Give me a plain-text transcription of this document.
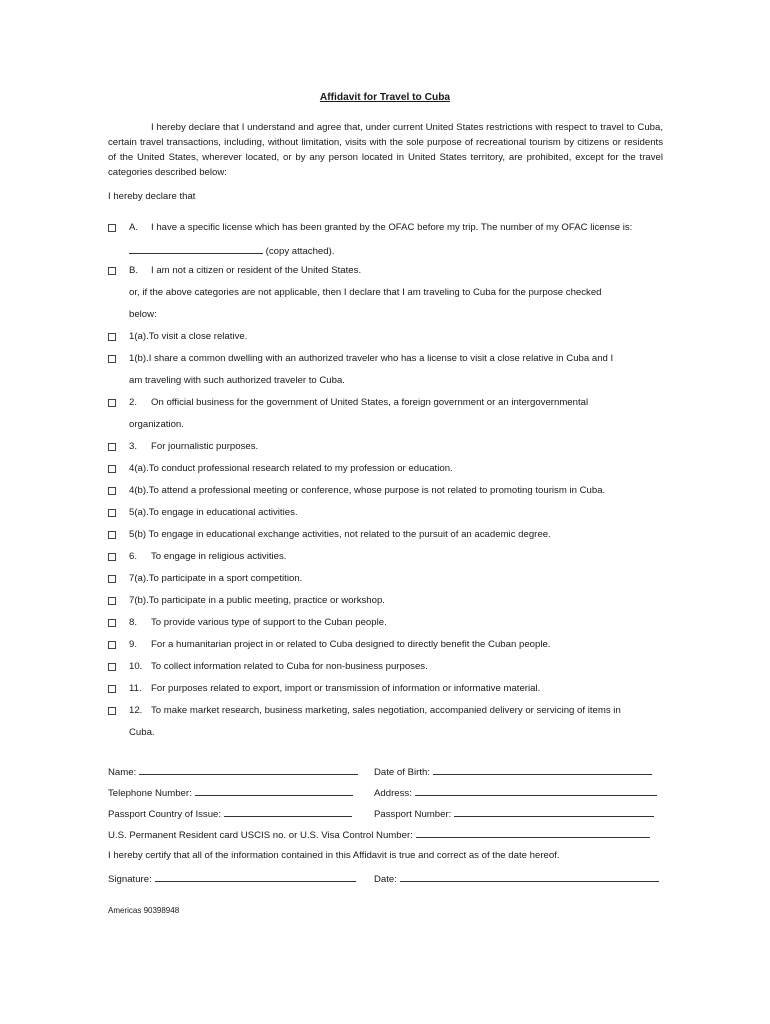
Affidavit for Travel to Cuba
I hereby declare that I understand and agree that, under current United States restrictions with respect to travel to Cuba, certain travel transactions, including, without limitation, visits with the sole purpose of recreational tourism by citizens or residents of the United States, wherever located, or by any person located in United States territory, are prohibited, except for the travel categories described below:
I hereby declare that
A. I have a specific license which has been granted by the OFAC before my trip. The number of my OFAC license is:
(copy attached).
B. I am not a citizen or resident of the United States.
or, if the above categories are not applicable, then I declare that I am traveling to Cuba for the purpose checked
below:
1(a).To visit a close relative.
1(b).I share a common dwelling with an authorized traveler who has a license to visit a close relative in Cuba and I
am traveling with such authorized traveler to Cuba.
2. On official business for the government of United States, a foreign government or an intergovernmental
organization.
3. For journalistic purposes.
4(a).To conduct professional research related to my profession or education.
4(b).To attend a professional meeting or conference, whose purpose is not related to promoting tourism in Cuba.
5(a).To engage in educational activities.
5(b) To engage in educational exchange activities, not related to the pursuit of an academic degree.
6. To engage in religious activities.
7(a).To participate in a sport competition.
7(b).To participate in a public meeting, practice or workshop.
8. To provide various type of support to the Cuban people.
9. For a humanitarian project in or related to Cuba designed to directly benefit the Cuban people.
10. To collect information related to Cuba for non-business purposes.
11. For purposes related to export, import or transmission of information or informative material.
12. To make market research, business marketing, sales negotiation, accompanied delivery or servicing of items in
Cuba.
Name:	Date of Birth:
Telephone Number:	Address:
Passport Country of Issue:	Passport Number:
U.S. Permanent Resident card USCIS no. or U.S. Visa Control Number:
I hereby certify that all of the information contained in this Affidavit is true and correct as of the date hereof.
Signature:	Date:
Americas 90398948
